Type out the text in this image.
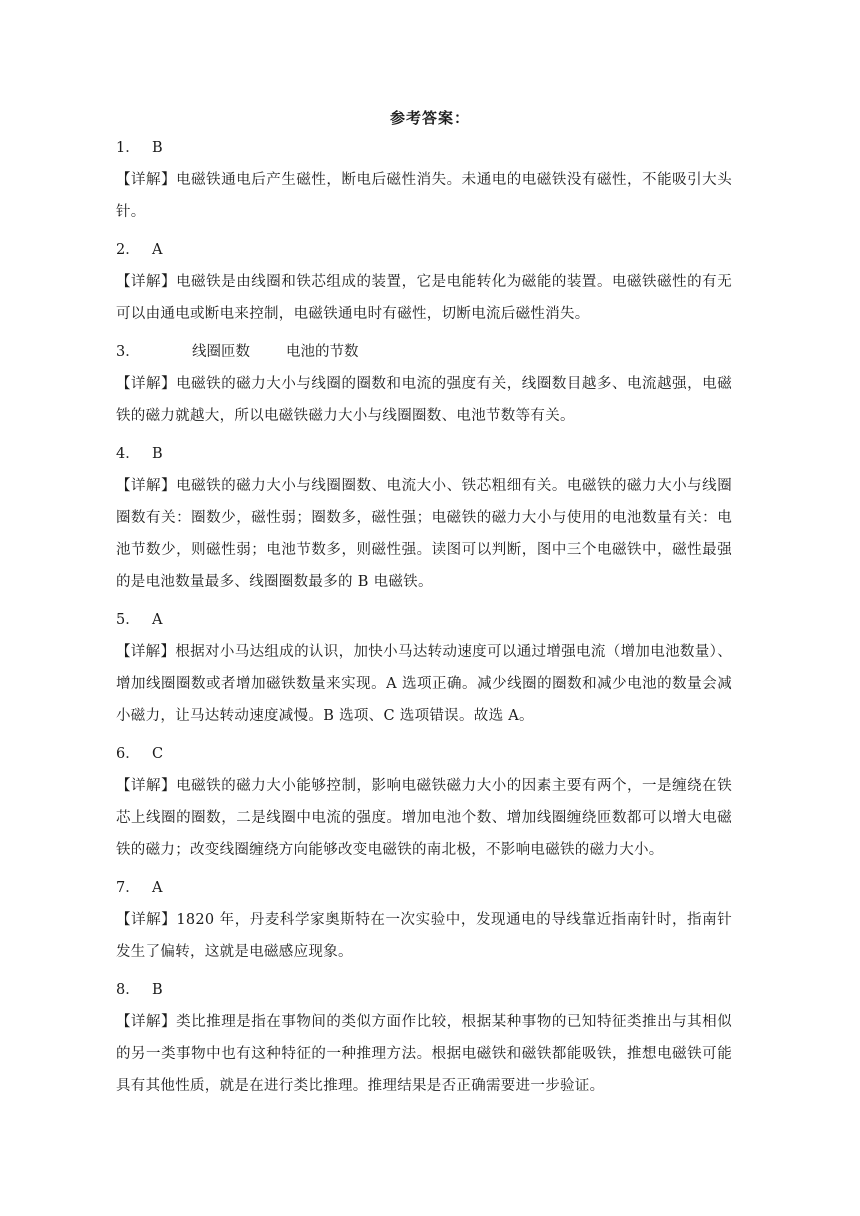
参考答案：
1． B

【详解】电磁铁通电后产生磁性，断电后磁性消失。未通电的电磁铁没有磁性，不能吸引大头针。

2． A

【详解】电磁铁是由线圈和铁芯组成的装置，它是电能转化为磁能的装置。电磁铁磁性的有无可以由通电或断电来控制，电磁铁通电时有磁性，切断电流后磁性消失。

3．	线圈匝数 电池的节数

【详解】电磁铁的磁力大小与线圈的圈数和电流的强度有关，线圈数目越多、电流越强，电磁铁的磁力就越大，所以电磁铁磁力大小与线圈圈数、电池节数等有关。

4． B

【详解】电磁铁的磁力大小与线圈圈数、电流大小、铁芯粗细有关。电磁铁的磁力大小与线圈圈数有关：圈数少，磁性弱；圈数多，磁性强；电磁铁的磁力大小与使用的电池数量有关：电池节数少，则磁性弱；电池节数多，则磁性强。读图可以判断，图中三个电磁铁中，磁性最强的是电池数量最多、线圈圈数最多的 B 电磁铁。

5． A

【详解】根据对小马达组成的认识，加快小马达转动速度可以通过增强电流（增加电池数量）、增加线圈圈数或者增加磁铁数量来实现。A 选项正确。减少线圈的圈数和减少电池的数量会减小磁力，让马达转动速度减慢。B 选项、C 选项错误。故选 A。

6． C

【详解】电磁铁的磁力大小能够控制，影响电磁铁磁力大小的因素主要有两个，一是缠绕在铁芯上线圈的圈数，二是线圈中电流的强度。增加电池个数、增加线圈缠绕匝数都可以增大电磁铁的磁力；改变线圈缠绕方向能够改变电磁铁的南北极，不影响电磁铁的磁力大小。

7． A

【详解】1820 年，丹麦科学家奥斯特在一次实验中，发现通电的导线靠近指南针时，指南针发生了偏转，这就是电磁感应现象。

8． B

【详解】类比推理是指在事物间的类似方面作比较，根据某种事物的已知特征类推出与其相似的另一类事物中也有这种特征的一种推理方法。根据电磁铁和磁铁都能吸铁，推想电磁铁可能具有其他性质，就是在进行类比推理。推理结果是否正确需要进一步验证。
